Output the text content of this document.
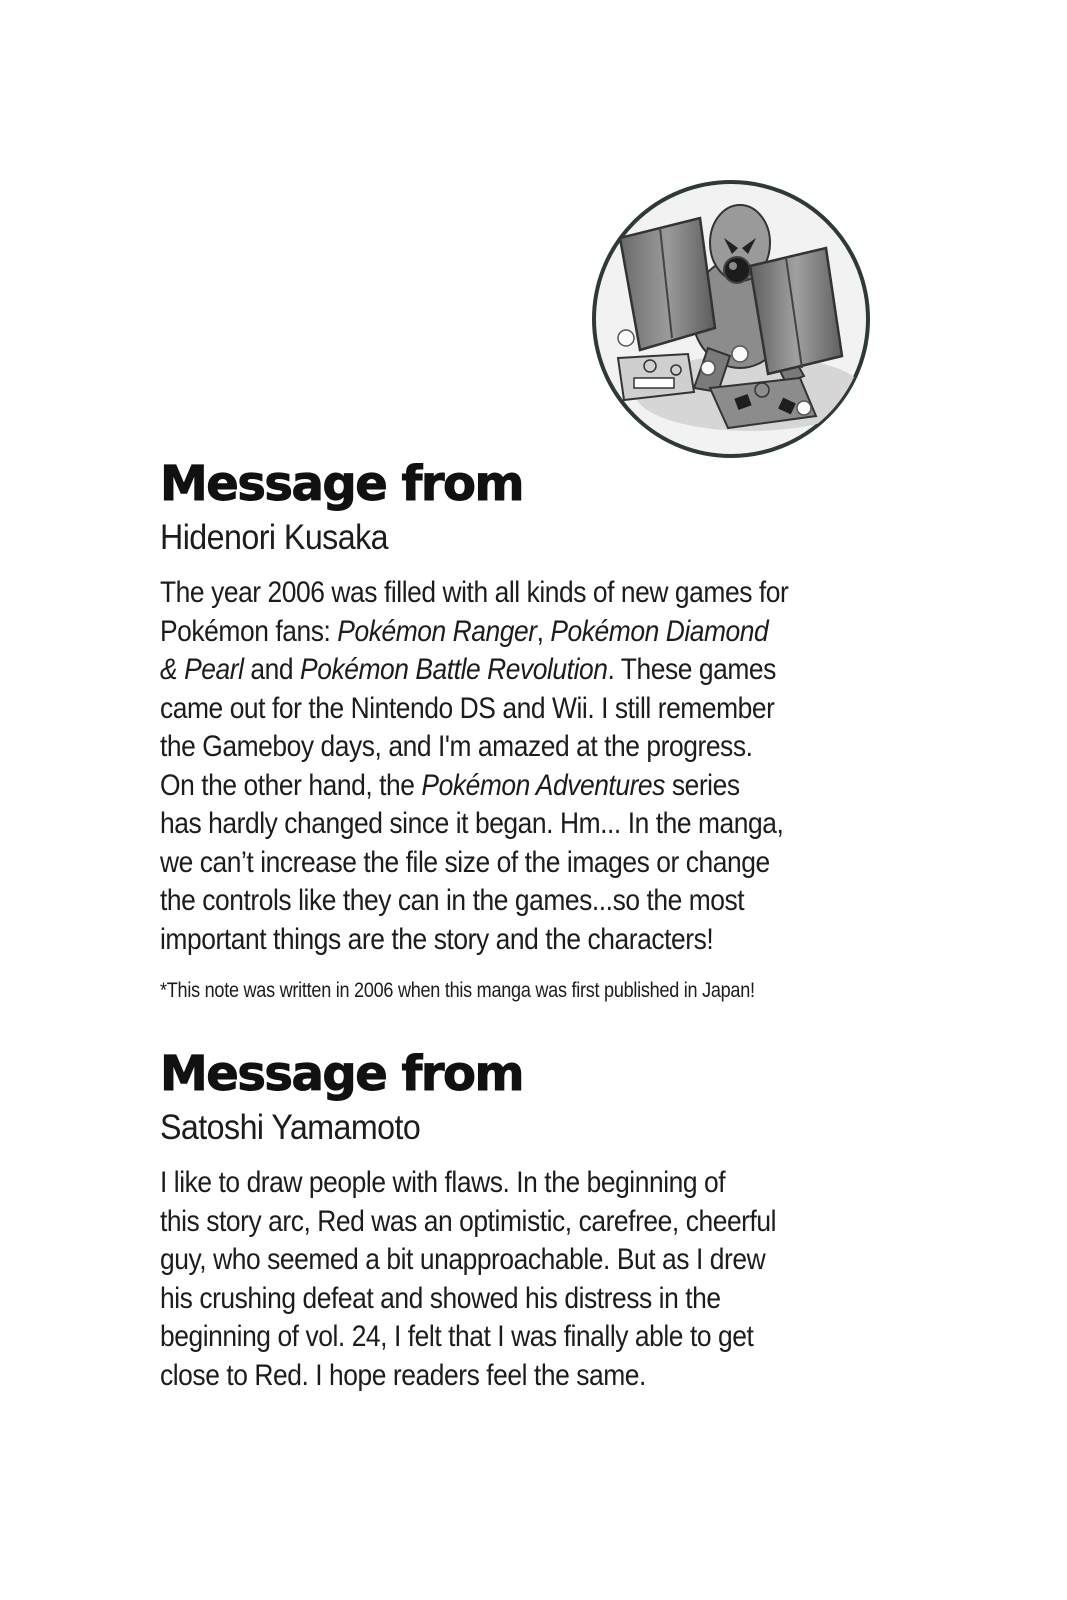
Message from
Hidenori Kusaka
The year 2006 was filled with all kinds of new games for
Pokémon fans: Pokémon Ranger, Pokémon Diamond
& Pearl and Pokémon Battle Revolution. These games
came out for the Nintendo DS and Wii. I still remember
the Gameboy days, and I'm amazed at the progress.
On the other hand, the Pokémon Adventures series
has hardly changed since it began. Hm... In the manga,
we can’t increase the file size of the images or change
the controls like they can in the games...so the most
important things are the story and the characters!
*This note was written in 2006 when this manga was first published in Japan!
Message from
Satoshi Yamamoto
I like to draw people with flaws. In the beginning of
this story arc, Red was an optimistic, carefree, cheerful
guy, who seemed a bit unapproachable. But as I drew
his crushing defeat and showed his distress in the
beginning of vol. 24, I felt that I was finally able to get
close to Red. I hope readers feel the same.
